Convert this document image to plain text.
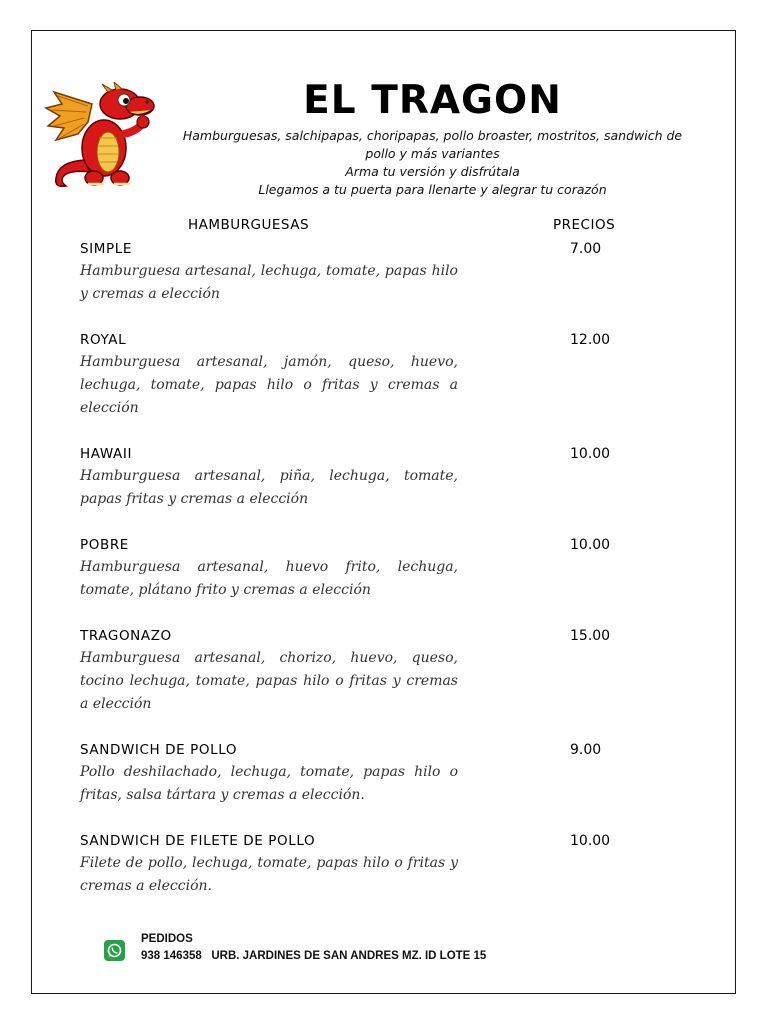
EL TRAGON
Hamburguesas, salchipapas, choripapas, pollo broaster, mostritos, sandwich de
pollo y más variantes
Arma tu versión y disfrútala
Llegamos a tu puerta para llenarte y alegrar tu corazón
HAMBURGUESAS	PRECIOS
SIMPLE
Hamburguesa artesanal, lechuga, tomate, papas hilo y cremas a elección
7.00
ROYAL
Hamburguesa artesanal, jamón, queso, huevo, lechuga, tomate, papas hilo o fritas y cremas a elección
12.00
HAWAII
Hamburguesa artesanal, piña, lechuga, tomate, papas fritas y cremas a elección
10.00
POBRE
Hamburguesa artesanal, huevo frito, lechuga, tomate, plátano frito y cremas a elección
10.00
TRAGONAZO
Hamburguesa artesanal, chorizo, huevo, queso, tocino lechuga, tomate, papas hilo o fritas y cremas a elección
15.00
SANDWICH DE POLLO
Pollo deshilachado, lechuga, tomate, papas hilo o fritas, salsa tártara y cremas a elección.
9.00
SANDWICH DE FILETE DE POLLO
Filete de pollo, lechuga, tomate, papas hilo o fritas y cremas a elección.
10.00
PEDIDOS
938 146358 URB. JARDINES DE SAN ANDRES MZ. ID LOTE 15
